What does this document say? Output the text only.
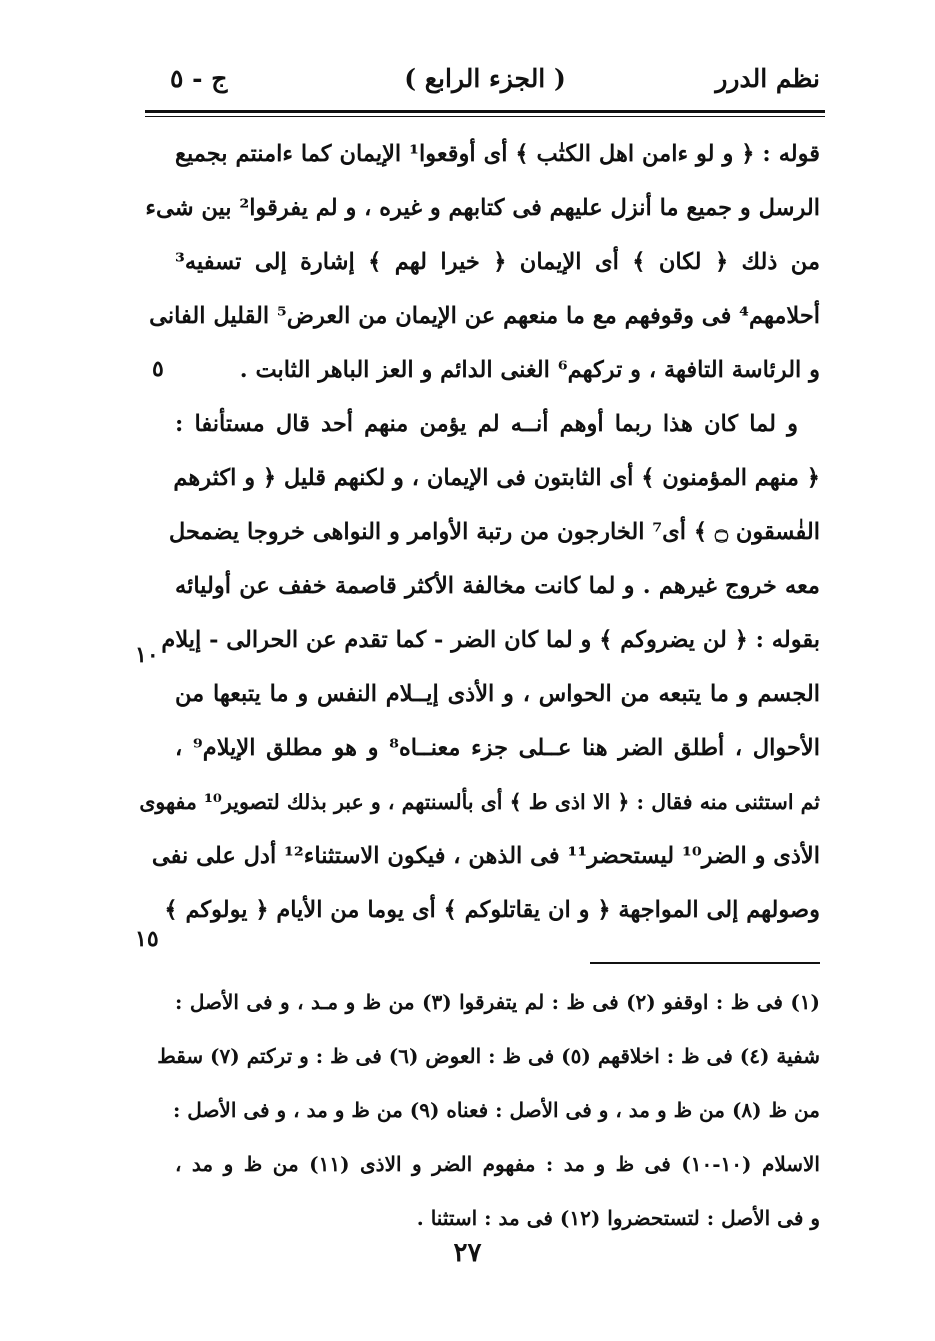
نظم الدرر
( الجزء الرابع )
ج - ٥
قوله : ﴿ و لو ءامن اهل الكتٰب ﴾ أى أوقعوا¹ الإيمان كما ءامنتم بجميع
الرسل و جميع ما أنزل عليهم فى كتابهم و غيره ، و لم يفرقوا² بين شىء
من ذلك ﴿ لكان ﴾ أى الإيمان ﴿ خيرا لهم ﴾ إشارة إلى تسفيه³
أحلامهم⁴ فى وقوفهم مع ما منعهم عن الإيمان من العرض⁵ القليل الفانى
و الرئاسة التافهة ، و تركهم⁶ الغنى الدائم و العز الباهر الثابت .
و لما كان هذا ربما أوهم أنــه لم يؤمن منهم أحد قال مستأنفا :
﴿ منهم المؤمنون ﴾ أى الثابتون فى الإيمان ، و لكنهم قليل ﴿ و اكثرهم
الفٰسقون ۝ ﴾ أى⁷ الخارجون من رتبة الأوامر و النواهى خروجا يضمحل
معه خروج غيرهم . و لما كانت مخالفة الأكثر قاصمة خفف عن أوليائه
بقوله : ﴿ لن يضروكم ﴾ و لما كان الضر - كما تقدم عن الحرالى - إيلام
الجسم و ما يتبعه من الحواس ، و الأذى إيــلام النفس و ما يتبعها من
الأحوال ، أطلق الضر هنا عــلى جزء معنــاه⁸ و هو مطلق الإيلام⁹ ،
ثم استثنى منه فقال : ﴿ الا اذى ط ﴾ أى بألسنتهم ، و عبر بذلك لتصوير¹⁰ مفهوى
الأذى و الضر¹⁰ ليستحضر¹¹ فى الذهن ، فيكون الاستثناء¹² أدل على نفى
وصولهم إلى المواجهة ﴿ و ان يقاتلوكم ﴾ أى يوما من الأيام ﴿ يولوكم ﴾
٥
١٠
١٥
(١) فى ظ : اوقفو (٢) فى ظ : لم يتفرقوا (٣) من ظ و مـد ، و فى الأصل :
شفية (٤) فى ظ : اخلاقهم (٥) فى ظ : العوض (٦) فى ظ : و تركتم (٧) سقط
من ظ (٨) من ظ و مد ، و فى الأصل : فعناه (٩) من ظ و مد ، و فى الأصل :
الاسلام (١٠-١٠) فى ظ و مد : مفهوم الضر و الاذى (١١) من ظ و مد ،
و فى الأصل : لتستحضروا (١٢) فى مد : استثنا .
٢٧
